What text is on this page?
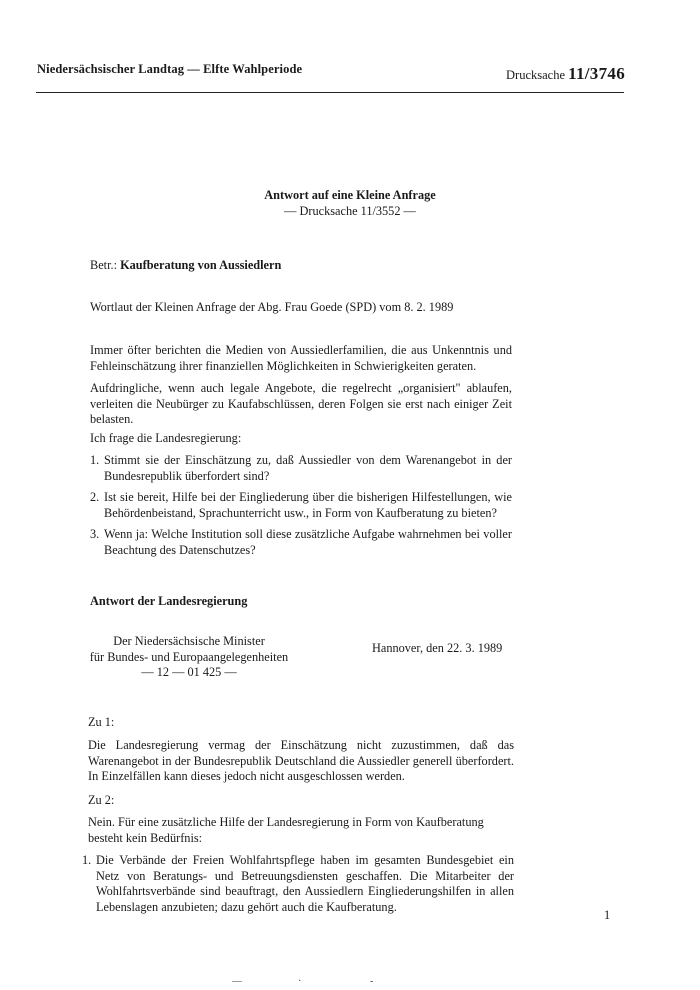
Niedersächsischer Landtag — Elfte Wahlperiode	Drucksache 11/3746
Antwort auf eine Kleine Anfrage
— Drucksache 11/3552 —
Betr.: Kaufberatung von Aussiedlern
Wortlaut der Kleinen Anfrage der Abg. Frau Goede (SPD) vom 8. 2. 1989
Immer öfter berichten die Medien von Aussiedlerfamilien, die aus Unkenntnis und Fehleinschätzung ihrer finanziellen Möglichkeiten in Schwierigkeiten geraten.
Aufdringliche, wenn auch legale Angebote, die regelrecht „organisiert" ablaufen, verleiten die Neubürger zu Kaufabschlüssen, deren Folgen sie erst nach einiger Zeit belasten.
Ich frage die Landesregierung:
1. Stimmt sie der Einschätzung zu, daß Aussiedler von dem Warenangebot in der Bundesrepublik überfordert sind?
2. Ist sie bereit, Hilfe bei der Eingliederung über die bisherigen Hilfestellungen, wie Behördenbeistand, Sprachunterricht usw., in Form von Kaufberatung zu bieten?
3. Wenn ja: Welche Institution soll diese zusätzliche Aufgabe wahrnehmen bei voller Beachtung des Datenschutzes?
Antwort der Landesregierung
Der Niedersächsische Minister
für Bundes- und Europaangelegenheiten
— 12 — 01 425 —
Hannover, den 22. 3. 1989
Zu 1:
Die Landesregierung vermag der Einschätzung nicht zuzustimmen, daß das Warenangebot in der Bundesrepublik Deutschland die Aussiedler generell überfordert. In Einzelfällen kann dieses jedoch nicht ausgeschlossen werden.
Zu 2:
Nein. Für eine zusätzliche Hilfe der Landesregierung in Form von Kaufberatung besteht kein Bedürfnis:
1. Die Verbände der Freien Wohlfahrtspflege haben im gesamten Bundesgebiet ein Netz von Beratungs- und Betreuungsdiensten geschaffen. Die Mitarbeiter der Wohlfahrtsverbände sind beauftragt, den Aussiedlern Eingliederungshilfen in allen Lebenslagen anzubieten; dazu gehört auch die Kaufberatung.
1
—	·	-
